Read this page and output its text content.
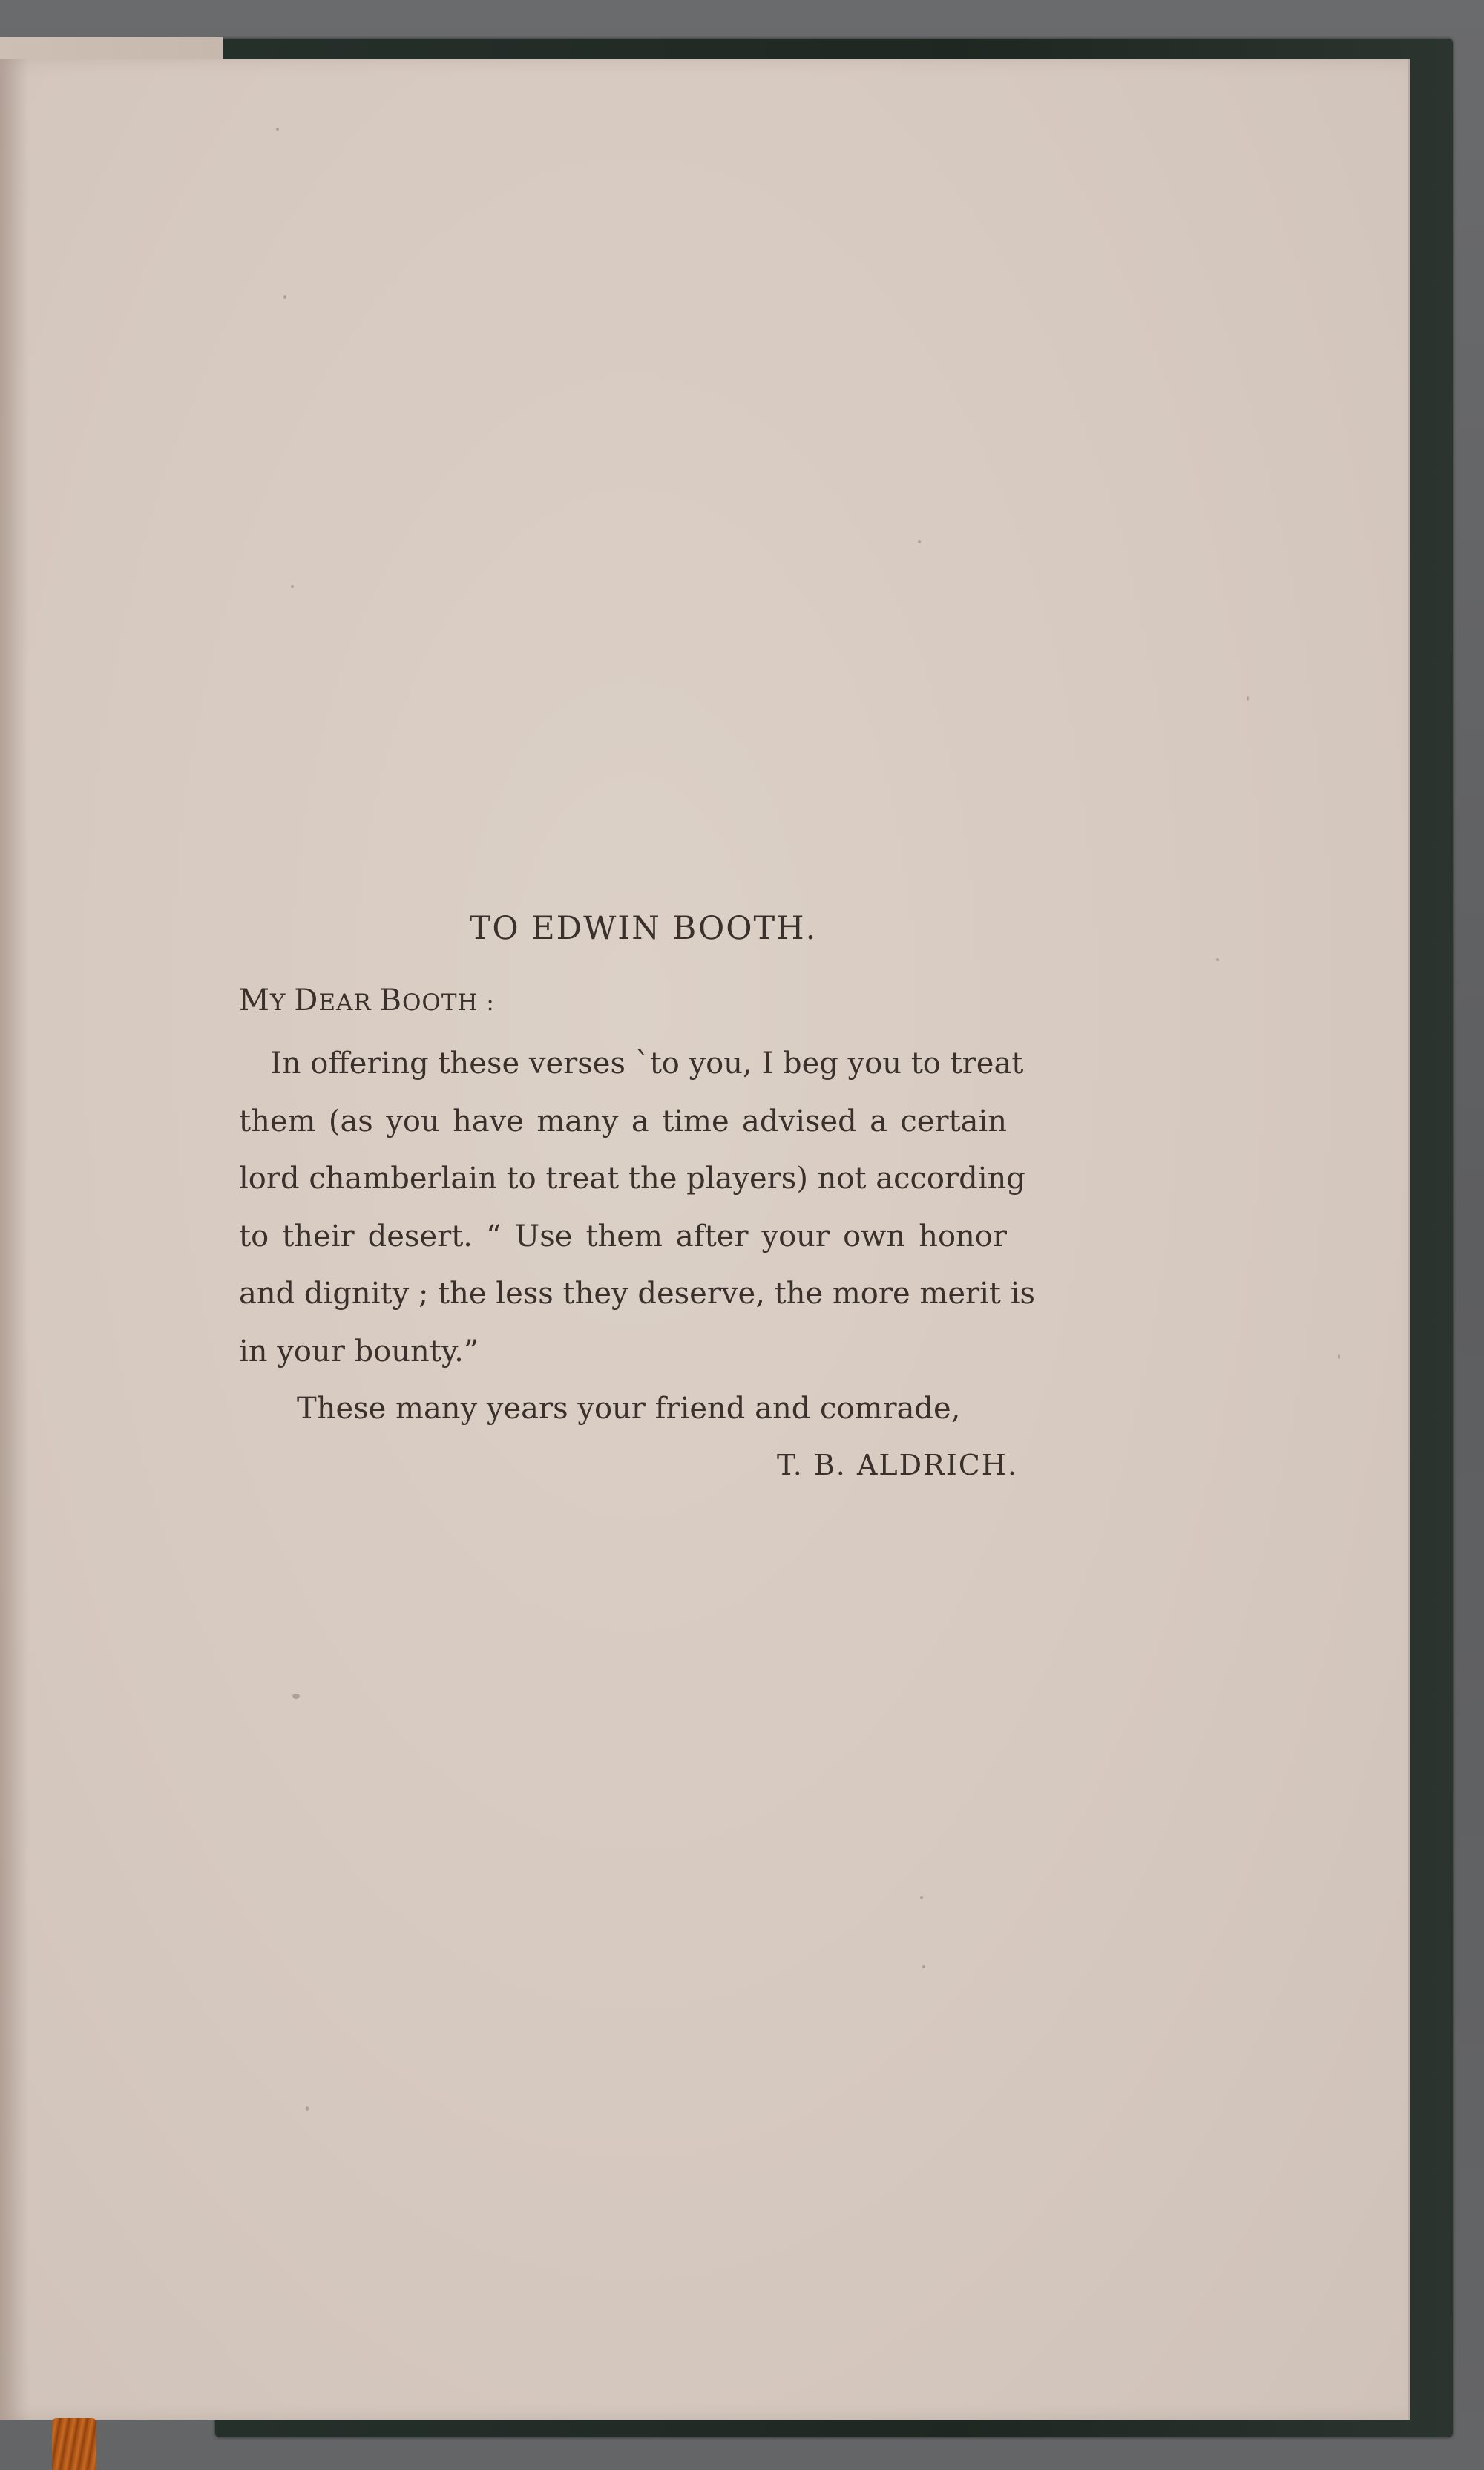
TO EDWIN BOOTH.
MY DEAR BOOTH :
In offering these verses `to you, I beg you to treat
them (as you have many a time advised a certain
lord chamberlain to treat the players) not according
to their desert. “ Use them after your own honor
and dignity ; the less they deserve, the more merit is
in your bounty.”
These many years your friend and comrade,
T. B. ALDRICH.
